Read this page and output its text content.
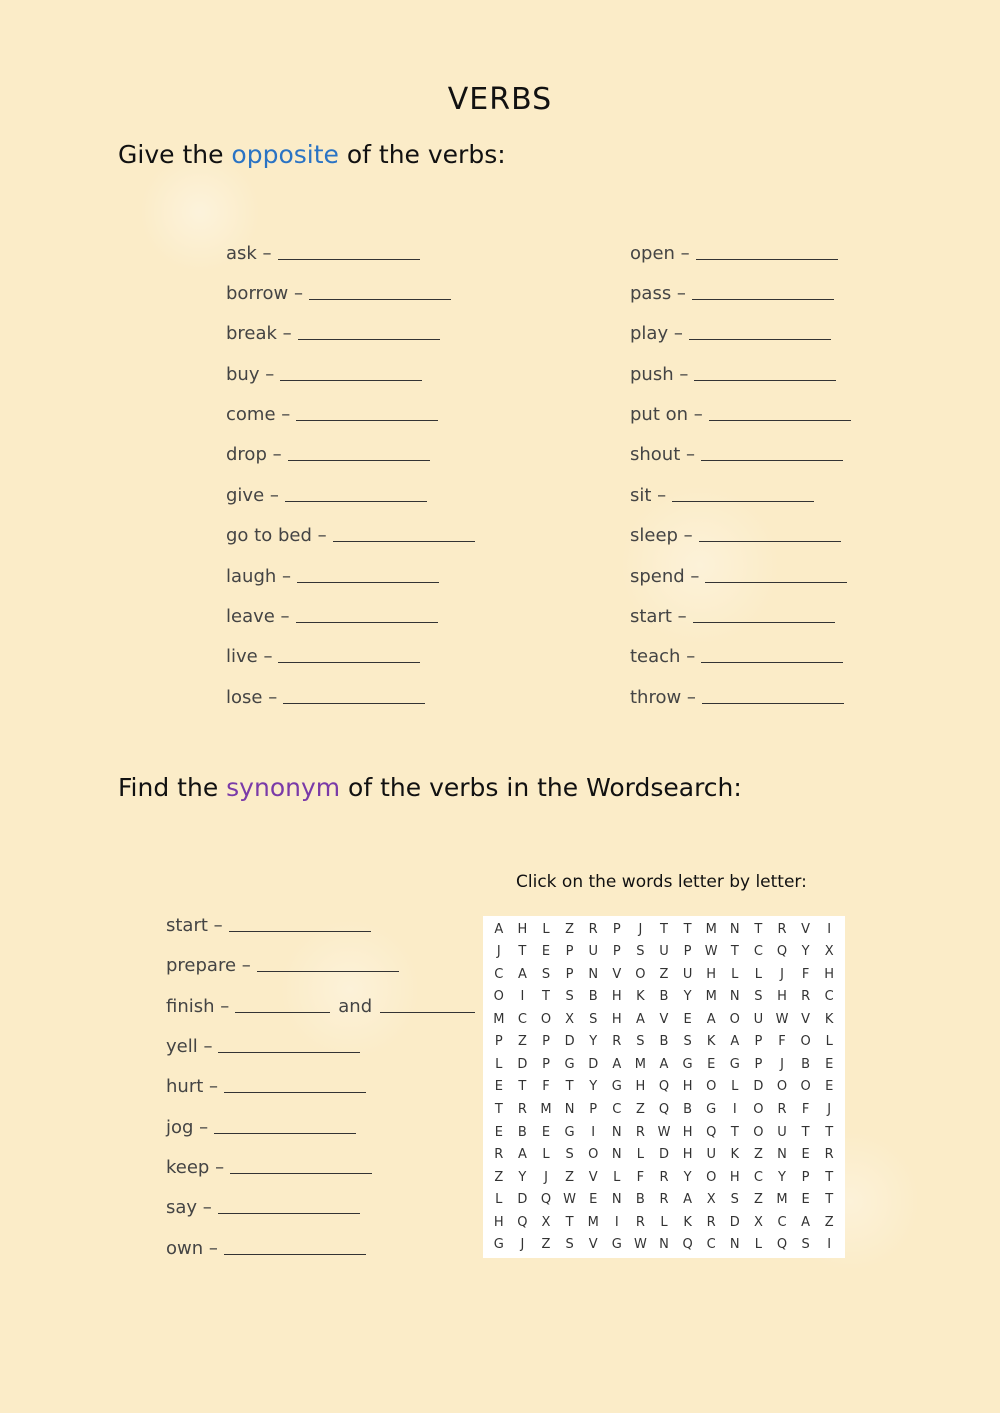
VERBS
Give the opposite of the verbs:
ask –
borrow –
break –
buy –
come –
drop –
give –
go to bed –
laugh –
leave –
live –
lose –
open –
pass –
play –
push –
put on –
shout –
sit –
sleep –
spend –
start –
teach –
throw –
Find the synonym of the verbs in the Wordsearch:
Click on the words letter by letter:
start –
prepare –
finish –	and
yell –
hurt –
jog –
keep –
say –
own –
A	H	L	Z	R	P	J	T	T	M	N	T	R	V	I
J	T	E	P	U	P	S	U	P	W	T	C	Q	Y	X
C	A	S	P	N	V	O	Z	U	H	L	L	J	F	H
O	I	T	S	B	H	K	B	Y	M	N	S	H	R	C
M	C	O	X	S	H	A	V	E	A	O	U W V	K
P	Z	P	D	Y	R	S	B	S	K	A	P	F	O	L
L	D	P	G	D	A	M	A	G	E	G	P	J	B	E
E	T	F	T	Y	G	H	Q	H	O	L	D	O	O	E
T	R	M	N	P	C	Z	Q	B	G	I	O	R	F	J
E	B	E	G	I	N	R W H	Q	T	O	U	T	T
R	A	L	S	O	N	L	D	H	U	K	Z	N	E	R
Z	Y	J	Z	V	L	F	R	Y	O	H	C	Y	P	T
L	D	Q W	E	N	B	R	A	X	S	Z	M	E	T
H	Q	X	T	M	I	R	L	K	R	D	X	C	A	Z
G	J	Z	S	V	G W N	Q	C	N	L	Q	S	I
